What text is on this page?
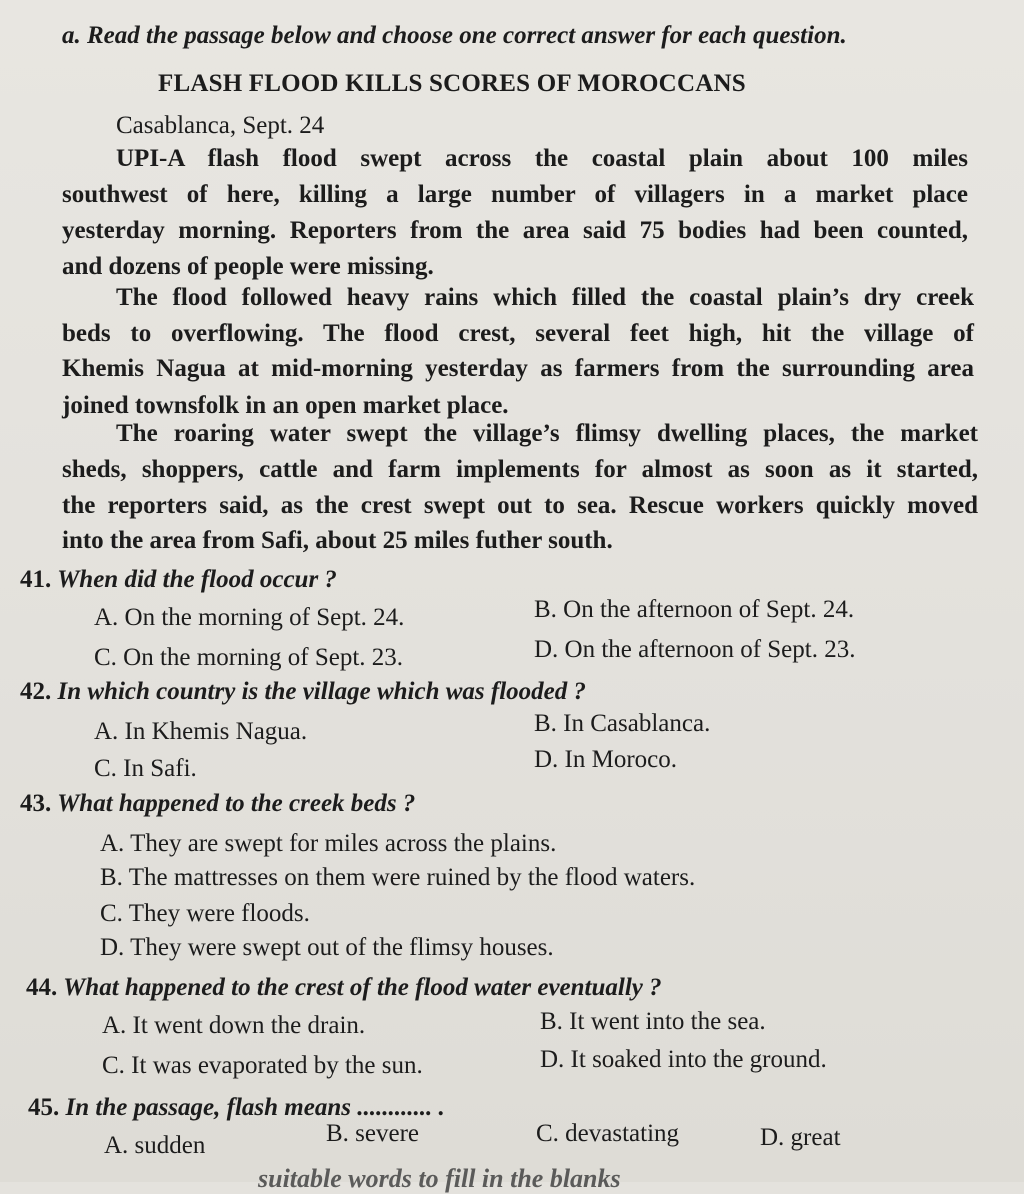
a. Read the passage below and choose one correct answer for each question.
FLASH FLOOD KILLS SCORES OF MOROCCANS
Casablanca, Sept. 24
UPI-A flash flood swept across the coastal plain about 100 miles
southwest of here, killing a large number of villagers in a market place
yesterday morning. Reporters from the area said 75 bodies had been counted,
and dozens of people were missing.
The flood followed heavy rains which filled the coastal plain’s dry creek
beds to overflowing. The flood crest, several feet high, hit the village of
Khemis Nagua at mid-morning yesterday as farmers from the surrounding area
joined townsfolk in an open market place.
The roaring water swept the village’s flimsy dwelling places, the market
sheds, shoppers, cattle and farm implements for almost as soon as it started,
the reporters said, as the crest swept out to sea. Rescue workers quickly moved
into the area from Safi, about 25 miles futher south.
41. When did the flood occur ?
A. On the morning of Sept. 24.	B. On the afternoon of Sept. 24.
C. On the morning of Sept. 23.	D. On the afternoon of Sept. 23.
42. In which country is the village which was flooded ?
A. In Khemis Nagua.	B. In Casablanca.
C. In Safi.	D. In Moroco.
43. What happened to the creek beds ?
A. They are swept for miles across the plains.
B. The mattresses on them were ruined by the flood waters.
C. They were floods.
D. They were swept out of the flimsy houses.
44. What happened to the crest of the flood water eventually ?
A. It went down the drain.	B. It went into the sea.
C. It was evaporated by the sun.	D. It soaked into the ground.
45. In the passage, flash means ............ .
A. sudden	B. severe	C. devastating	D. great
suitable words to fill in the blanks
